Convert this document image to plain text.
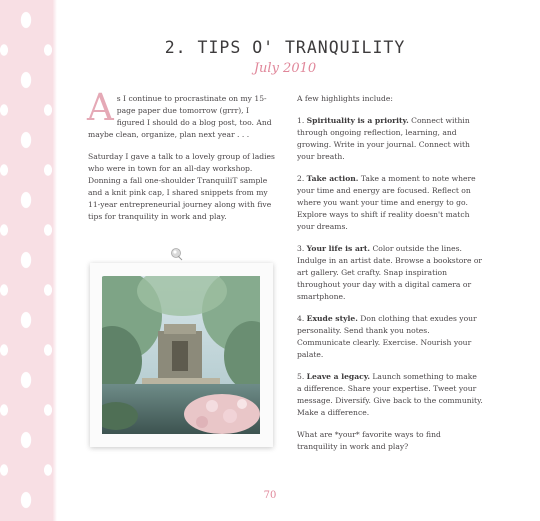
2. TIPS O' TRANQUILITY
July 2010

As I continue to procrastinate on my 15-page paper due tomorrow (grrr), I figured I should do a blog post, too. And maybe clean, organize, plan next year . . .

Saturday I gave a talk to a lovely group of ladies who were in town for an all-day workshop. Donning a fall one-shoulder TranquiliT sample and a knit pink cap, I shared snippets from my 11-year entrepreneurial journey along with five tips for tranquility in work and play.

A few highlights include:

1. Spirituality is a priority. Connect within through ongoing reflection, learning, and growing. Write in your journal. Connect with your breath.

2. Take action. Take a moment to note where your time and energy are focused. Reflect on where you want your time and energy to go. Explore ways to shift if reality doesn't match your dreams.

3. Your life is art. Color outside the lines. Indulge in an artist date. Browse a bookstore or art gallery. Get crafty. Snap inspiration throughout your day with a digital camera or smartphone.

4. Exude style. Don clothing that exudes your personality. Send thank you notes. Communicate clearly. Exercise. Nourish your palate.

5. Leave a legacy. Launch something to make a difference. Share your expertise. Tweet your message. Diversify. Give back to the community. Make a difference.

What are *your* favorite ways to find tranquility in work and play?

70
